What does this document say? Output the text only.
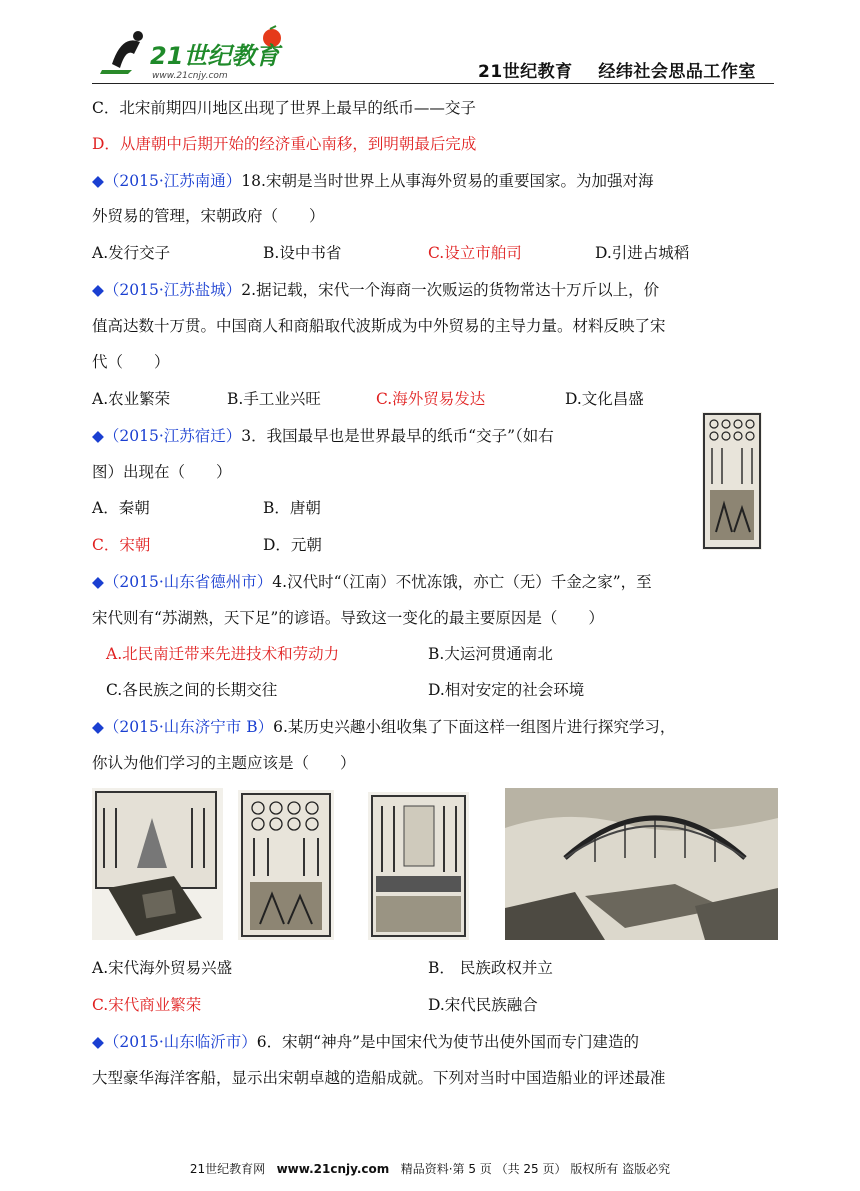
21世纪教育
www.21cnjy.com	21世纪教育 经纬社会思品工作室
C．北宋前期四川地区出现了世界上最早的纸币——交子
D．从唐朝中后期开始的经济重心南移，到明朝最后完成
◆（2015·江苏南通）18.宋朝是当时世界上从事海外贸易的重要国家。为加强对海
外贸易的管理，宋朝政府（　　）
A.发行交子	B.设中书省	C.设立市舶司	D.引进占城稻
◆（2015·江苏盐城）2.据记载，宋代一个海商一次贩运的货物常达十万斤以上，价
值高达数十万贯。中国商人和商船取代波斯成为中外贸易的主导力量。材料反映了宋
代（　　）
A.农业繁荣	B.手工业兴旺	C.海外贸易发达	D.文化昌盛
◆（2015·江苏宿迁）3．我国最早也是世界最早的纸币“交子”（如右
图）出现在（　　）
A．秦朝	B．唐朝
C．宋朝	D．元朝
◆（2015·山东省德州市）4.汉代时“（江南）不忧冻饿，亦亡（无）千金之家”，至
宋代则有“苏湖熟，天下足”的谚语。导致这一变化的最主要原因是（　　）
A.北民南迁带来先进技术和劳动力	B.大运河贯通南北
C.各民族之间的长期交往	D.相对安定的社会环境
◆（2015·山东济宁市 B）6.某历史兴趣小组收集了下面这样一组图片进行探究学习，
你认为他们学习的主题应该是（　　）
A.宋代海外贸易兴盛	B． 民族政权并立
C.宋代商业繁荣	D.宋代民族融合
◆（2015·山东临沂市）6．宋朝“神舟”是中国宋代为使节出使外国而专门建造的
大型豪华海洋客船，显示出宋朝卓越的造船成就。下列对当时中国造船业的评述最准
21世纪教育网 www.21cnjy.com 精品资料·第 5 页 （共 25 页） 版权所有 盗版必究
